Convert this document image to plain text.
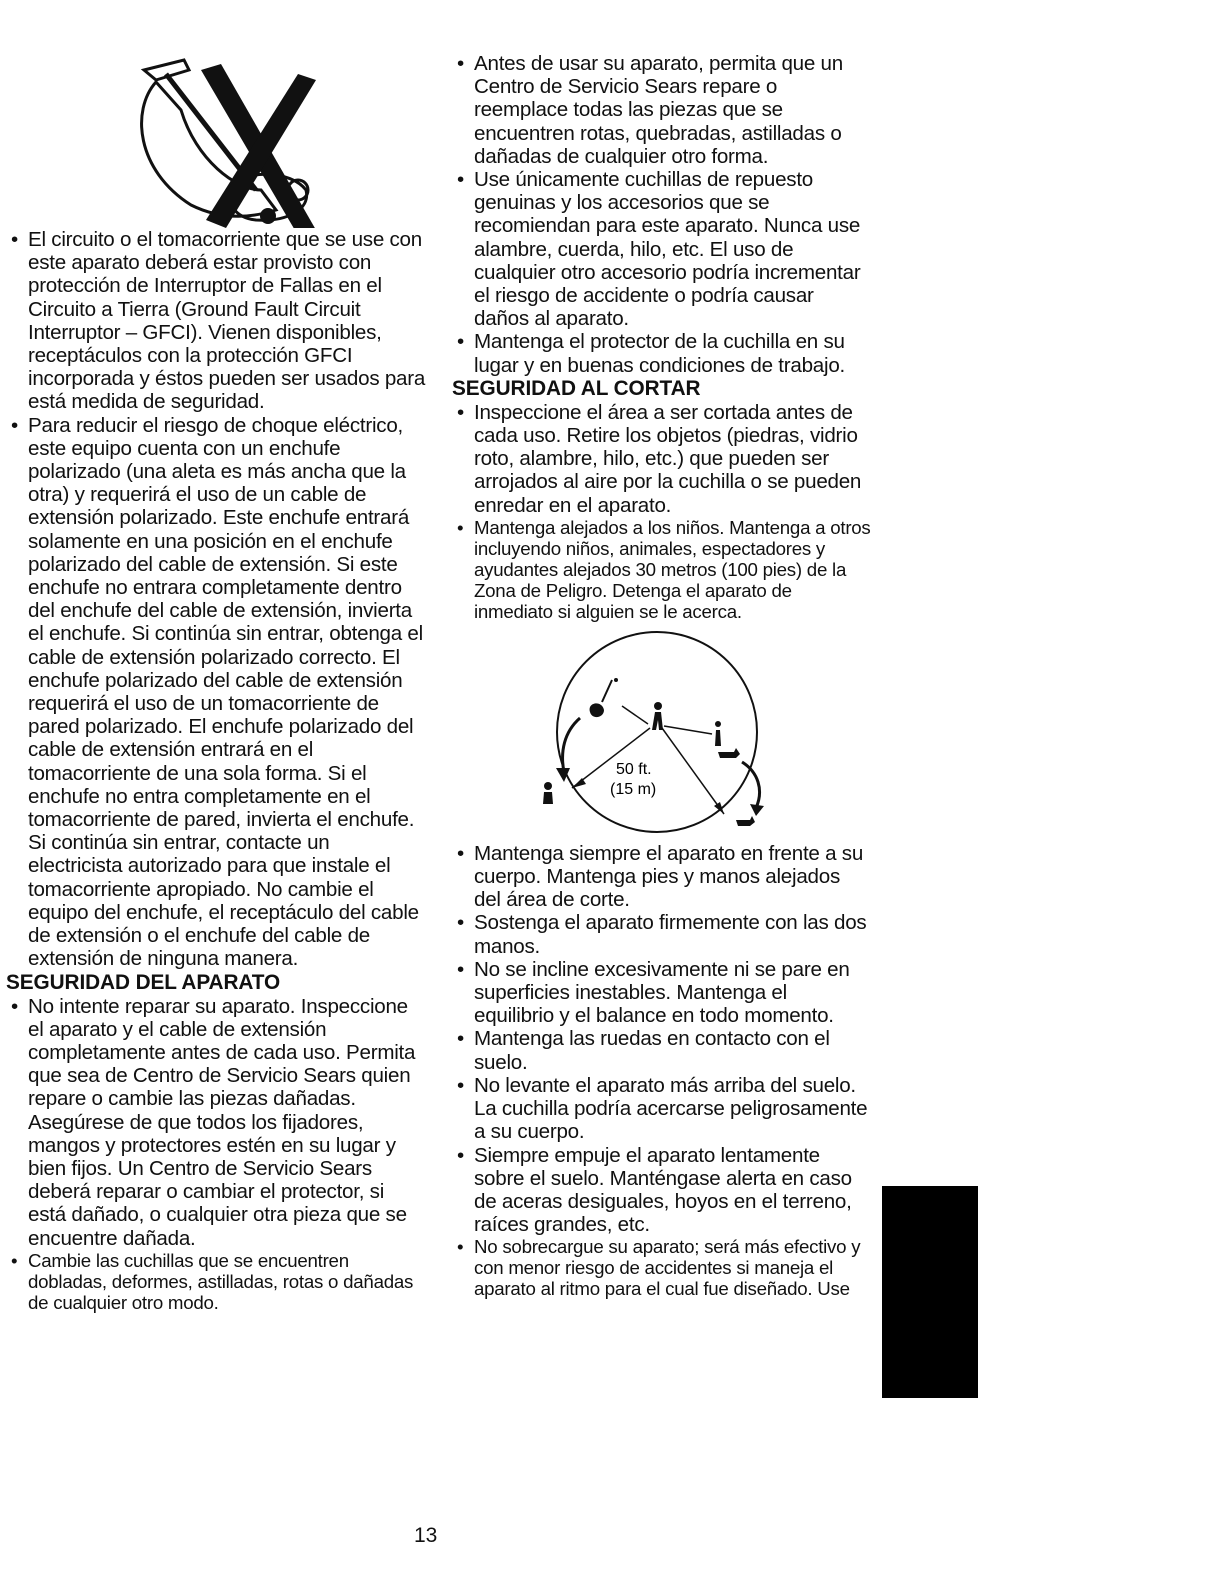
• El circuito o el tomacorriente que se use con este aparato deberá estar provisto con protección de Interruptor de Fallas en el Circuito a Tierra (Ground Fault Circuit Interruptor – GFCI). Vienen disponibles, receptáculos con la protección GFCI incorporada y éstos pueden ser usados para está medida de seguridad.
• Para reducir el riesgo de choque eléctrico, este equipo cuenta con un enchufe polarizado (una aleta es más ancha que la otra) y requerirá el uso de un cable de extensión polarizado. Este enchufe entrará solamente en una posición en el enchufe polarizado del cable de extensión. Si este enchufe no entrara completamente dentro del enchufe del cable de extensión, invierta el enchufe. Si continúa sin entrar, obtenga el cable de extensión polarizado correcto. El enchufe polarizado del cable de extensión requerirá el uso de un tomacorriente de pared polarizado. El enchufe polarizado del cable de extensión entrará en el tomacorriente de una sola forma. Si el enchufe no entra completamente en el tomacorriente de pared, invierta el enchufe. Si continúa sin entrar, contacte un electricista autorizado para que instale el tomacorriente apropiado. No cambie el equipo del enchufe, el receptáculo del cable de extensión o el enchufe del cable de extensión de ninguna manera.
SEGURIDAD DEL APARATO
• No intente reparar su aparato. Inspeccione el aparato y el cable de extensión completamente antes de cada uso. Permita que sea de Centro de Servicio Sears quien repare o cambie las piezas dañadas. Asegúrese de que todos los fijadores, mangos y protectores estén en su lugar y bien fijos. Un Centro de Servicio Sears deberá reparar o cambiar el protector, si está dañado, o cualquier otra pieza que se encuentre dañada.
• Cambie las cuchillas que se encuentren dobladas, deformes, astilladas, rotas o dañadas de cualquier otro modo.
• Antes de usar su aparato, permita que un Centro de Servicio Sears repare o reemplace todas las piezas que se encuentren rotas, quebradas, astilladas o dañadas de cualquier otro forma.
• Use únicamente cuchillas de repuesto genuinas y los accesorios que se recomiendan para este aparato. Nunca use alambre, cuerda, hilo, etc. El uso de cualquier otro accesorio podría incrementar el riesgo de accidente o podría causar daños al aparato.
• Mantenga el protector de la cuchilla en su lugar y en buenas condiciones de trabajo.
SEGURIDAD AL CORTAR
• Inspeccione el área a ser cortada antes de cada uso. Retire los objetos (piedras, vidrio roto, alambre, hilo, etc.) que pueden ser arrojados al aire por la cuchilla o se pueden enredar en el aparato.
• Mantenga alejados a los niños. Mantenga a otros incluyendo niños, animales, espectadores y ayudantes alejados 30 metros (100 pies) de la Zona de Peligro. Detenga el aparato de inmediato si alguien se le acerca.
50 ft.
(15 m)
• Mantenga siempre el aparato en frente a su cuerpo. Mantenga pies y manos alejados del área de corte.
• Sostenga el aparato firmemente con las dos manos.
• No se incline excesivamente ni se pare en superficies inestables. Mantenga el equilibrio y el balance en todo momento.
• Mantenga las ruedas en contacto con el suelo.
• No levante el aparato más arriba del suelo. La cuchilla podría acercarse peligrosamente a su cuerpo.
• Siempre empuje el aparato lentamente sobre el suelo. Manténgase alerta en caso de aceras desiguales, hoyos en el terreno, raíces grandes, etc.
• No sobrecargue su aparato; será más efectivo y con menor riesgo de accidentes si maneja el aparato al ritmo para el cual fue diseñado. Use
13
